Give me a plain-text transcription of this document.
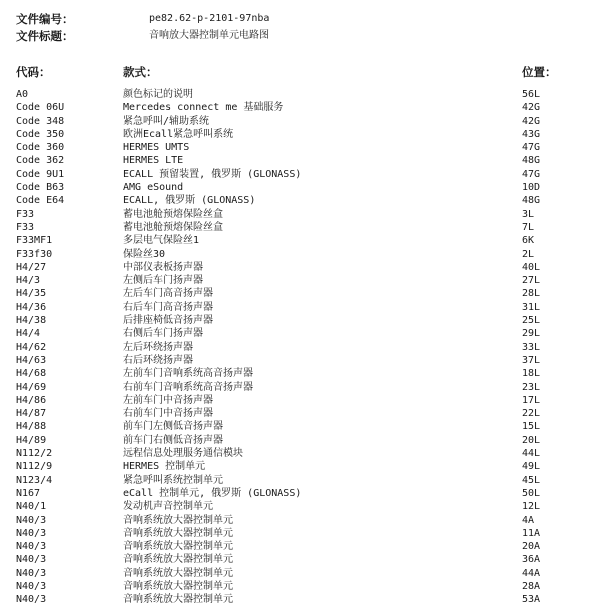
文件编号：	pe82.62-p-2101-97nba
文件标题：	音响放大器控制单元电路图
代码：	款式：	位置：
A0	颜色标记的说明	56L
Code 06U	Mercedes connect me 基础服务	42G
Code 348	紧急呼叫/辅助系统	42G
Code 350	欧洲Ecall紧急呼叫系统	43G
Code 360	HERMES UMTS	47G
Code 362	HERMES LTE	48G
Code 9U1	ECALL 预留装置, 俄罗斯 (GLONASS)	47G
Code B63	AMG eSound	10D
Code E64	ECALL, 俄罗斯 (GLONASS)	48G
F33	蓄电池舱预熔保险丝盒	3L
F33	蓄电池舱预熔保险丝盒	7L
F33MF1	多层电气保险丝1	6K
F33f30	保险丝30	2L
H4/27	中部仪表板扬声器	40L
H4/3	左侧后车门扬声器	27L
H4/35	左后车门高音扬声器	28L
H4/36	右后车门高音扬声器	31L
H4/38	后排座椅低音扬声器	25L
H4/4	右侧后车门扬声器	29L
H4/62	左后环绕扬声器	33L
H4/63	右后环绕扬声器	37L
H4/68	左前车门音响系统高音扬声器	18L
H4/69	右前车门音响系统高音扬声器	23L
H4/86	左前车门中音扬声器	17L
H4/87	右前车门中音扬声器	22L
H4/88	前车门左侧低音扬声器	15L
H4/89	前车门右侧低音扬声器	20L
N112/2	远程信息处理服务通信模块	44L
N112/9	HERMES 控制单元	49L
N123/4	紧急呼叫系统控制单元	45L
N167	eCall 控制单元, 俄罗斯 (GLONASS)	50L
N40/1	发动机声音控制单元	12L
N40/3	音响系统放大器控制单元	4A
N40/3	音响系统放大器控制单元	11A
N40/3	音响系统放大器控制单元	20A
N40/3	音响系统放大器控制单元	36A
N40/3	音响系统放大器控制单元	44A
N40/3	音响系统放大器控制单元	28A
N40/3	音响系统放大器控制单元	53A
